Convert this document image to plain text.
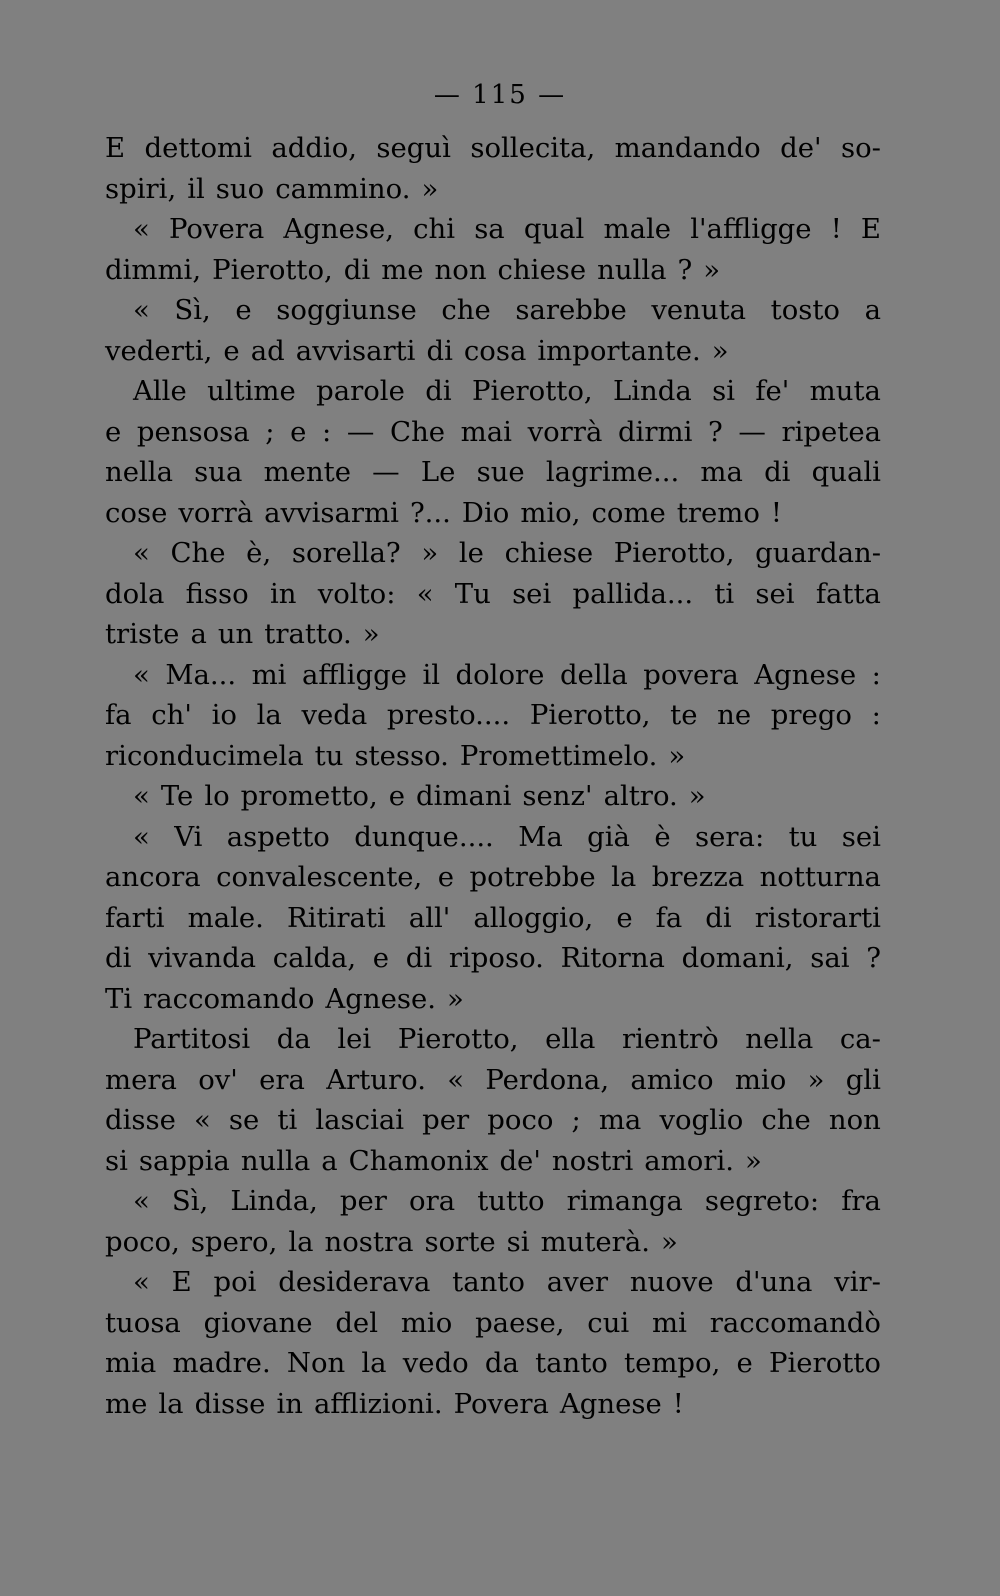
— 115 —
E dettomi addio, seguì sollecita, mandando de' so-
spiri, il suo cammino. »
« Povera Agnese, chi sa qual male l'affligge ! E
dimmi, Pierotto, di me non chiese nulla ? »
« Sì, e soggiunse che sarebbe venuta tosto a
vederti, e ad avvisarti di cosa importante. »
Alle ultime parole di Pierotto, Linda si fe' muta
e pensosa ; e : — Che mai vorrà dirmi ? — ripetea
nella sua mente — Le sue lagrime... ma di quali
cose vorrà avvisarmi ?... Dio mio, come tremo !
« Che è, sorella? » le chiese Pierotto, guardan-
dola fisso in volto: « Tu sei pallida... ti sei fatta
triste a un tratto. »
« Ma... mi affligge il dolore della povera Agnese :
fa ch' io la veda presto.... Pierotto, te ne prego :
riconducimela tu stesso. Promettimelo. »
« Te lo prometto, e dimani senz' altro. »
« Vi aspetto dunque.... Ma già è sera: tu sei
ancora convalescente, e potrebbe la brezza notturna
farti male. Ritirati all' alloggio, e fa di ristorarti
di vivanda calda, e di riposo. Ritorna domani, sai ?
Ti raccomando Agnese. »
Partitosi da lei Pierotto, ella rientrò nella ca-
mera ov' era Arturo. « Perdona, amico mio » gli
disse « se ti lasciai per poco ; ma voglio che non
si sappia nulla a Chamonix de' nostri amori. »
« Sì, Linda, per ora tutto rimanga segreto: fra
poco, spero, la nostra sorte si muterà. »
« E poi desiderava tanto aver nuove d'una vir-
tuosa giovane del mio paese, cui mi raccomandò
mia madre. Non la vedo da tanto tempo, e Pierotto
me la disse in afflizioni. Povera Agnese !
